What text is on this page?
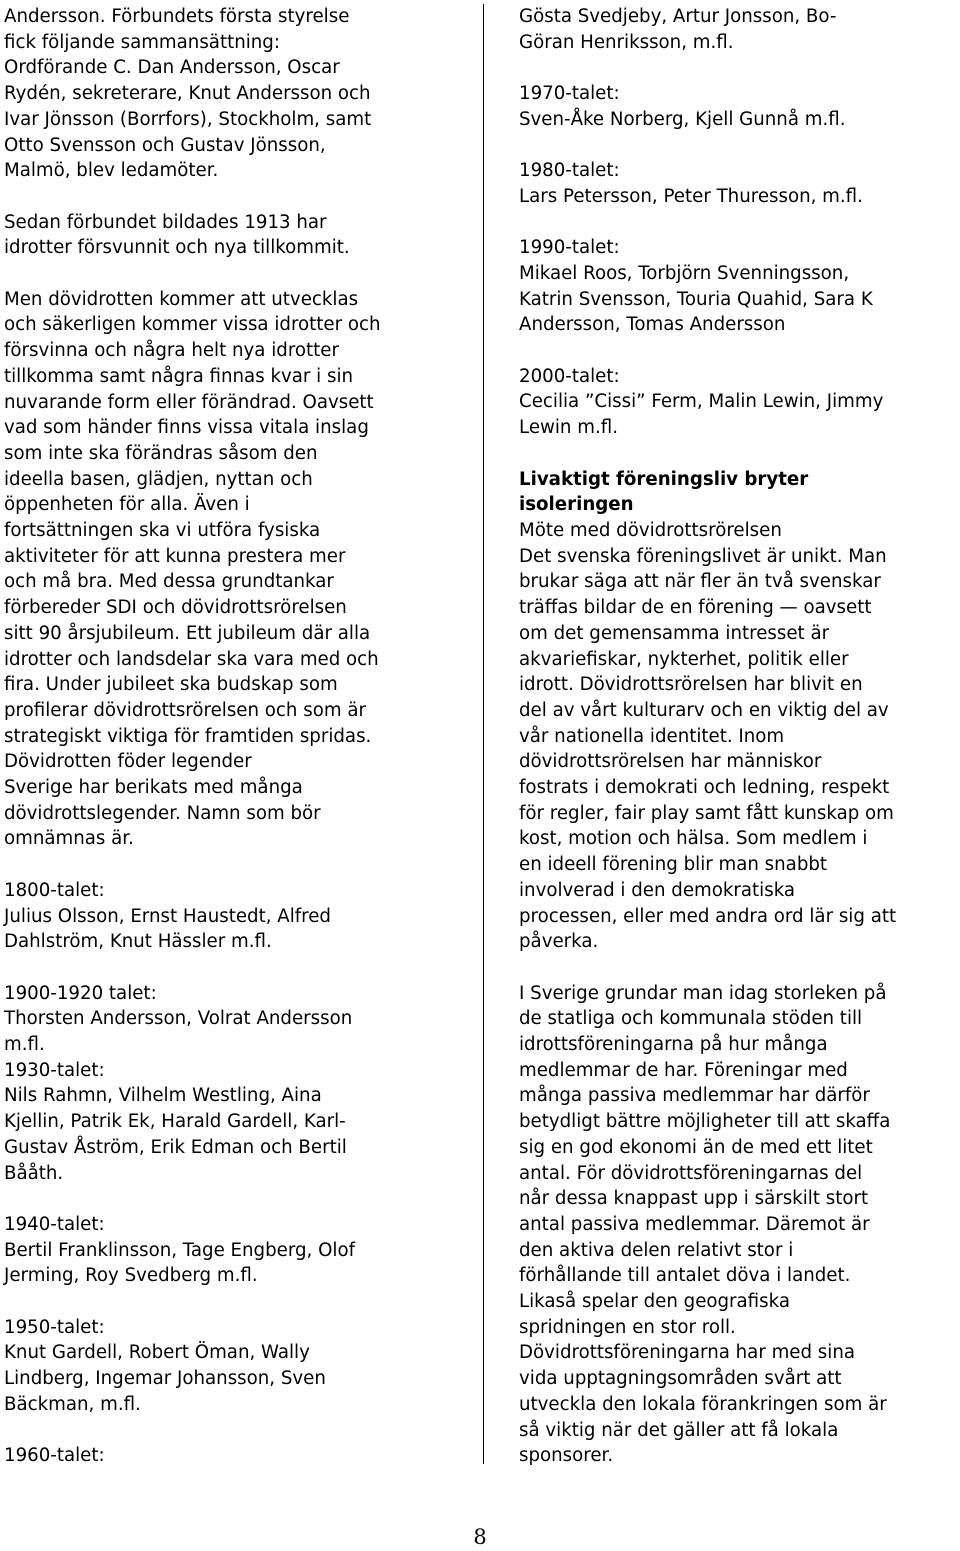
Andersson. Förbundets första styrelse
fick följande sammansättning:
Ordförande C. Dan Andersson, Oscar
Rydén, sekreterare, Knut Andersson och
Ivar Jönsson (Borrfors), Stockholm, samt
Otto Svensson och Gustav Jönsson,
Malmö, blev ledamöter.
Sedan förbundet bildades 1913 har
idrotter försvunnit och nya tillkommit.
Men dövidrotten kommer att utvecklas
och säkerligen kommer vissa idrotter och
försvinna och några helt nya idrotter
tillkomma samt några finnas kvar i sin
nuvarande form eller förändrad. Oavsett
vad som händer finns vissa vitala inslag
som inte ska förändras såsom den
ideella basen, glädjen, nyttan och
öppenheten för alla. Även i
fortsättningen ska vi utföra fysiska
aktiviteter för att kunna prestera mer
och må bra. Med dessa grundtankar
förbereder SDI och dövidrottsrörelsen
sitt 90 årsjubileum. Ett jubileum där alla
idrotter och landsdelar ska vara med och
fira. Under jubileet ska budskap som
profilerar dövidrottsrörelsen och som är
strategiskt viktiga för framtiden spridas.
Dövidrotten föder legender
Sverige har berikats med många
dövidrottslegender. Namn som bör
omnämnas är.
1800-talet:
Julius Olsson, Ernst Haustedt, Alfred
Dahlström, Knut Hässler m.fl.
1900-1920 talet:
Thorsten Andersson, Volrat Andersson
m.fl.
1930-talet:
Nils Rahmn, Vilhelm Westling, Aina
Kjellin, Patrik Ek, Harald Gardell, Karl-
Gustav Åström, Erik Edman och Bertil
Bååth.
1940-talet:
Bertil Franklinsson, Tage Engberg, Olof
Jerming, Roy Svedberg m.fl.
1950-talet:
Knut Gardell, Robert Öman, Wally
Lindberg, Ingemar Johansson, Sven
Bäckman, m.fl.
1960-talet:
Gösta Svedjeby, Artur Jonsson, Bo-
Göran Henriksson, m.fl.
1970-talet:
Sven-Åke Norberg, Kjell Gunnå m.fl.
1980-talet:
Lars Petersson, Peter Thuresson, m.fl.
1990-talet:
Mikael Roos, Torbjörn Svenningsson,
Katrin Svensson, Touria Quahid, Sara K
Andersson, Tomas Andersson
2000-talet:
Cecilia ”Cissi” Ferm, Malin Lewin, Jimmy
Lewin m.fl.
Livaktigt föreningsliv bryter
isoleringen
Möte med dövidrottsrörelsen
Det svenska föreningslivet är unikt. Man
brukar säga att när fler än två svenskar
träffas bildar de en förening — oavsett
om det gemensamma intresset är
akvariefiskar, nykterhet, politik eller
idrott. Dövidrottsrörelsen har blivit en
del av vårt kulturarv och en viktig del av
vår nationella identitet. Inom
dövidrottsrörelsen har människor
fostrats i demokrati och ledning, respekt
för regler, fair play samt fått kunskap om
kost, motion och hälsa. Som medlem i
en ideell förening blir man snabbt
involverad i den demokratiska
processen, eller med andra ord lär sig att
påverka.
I Sverige grundar man idag storleken på
de statliga och kommunala stöden till
idrottsföreningarna på hur många
medlemmar de har. Föreningar med
många passiva medlemmar har därför
betydligt bättre möjligheter till att skaffa
sig en god ekonomi än de med ett litet
antal. För dövidrottsföreningarnas del
når dessa knappast upp i särskilt stort
antal passiva medlemmar. Däremot är
den aktiva delen relativt stor i
förhållande till antalet döva i landet.
Likaså spelar den geografiska
spridningen en stor roll.
Dövidrottsföreningarna har med sina
vida upptagningsområden svårt att
utveckla den lokala förankringen som är
så viktig när det gäller att få lokala
sponsorer.
8
